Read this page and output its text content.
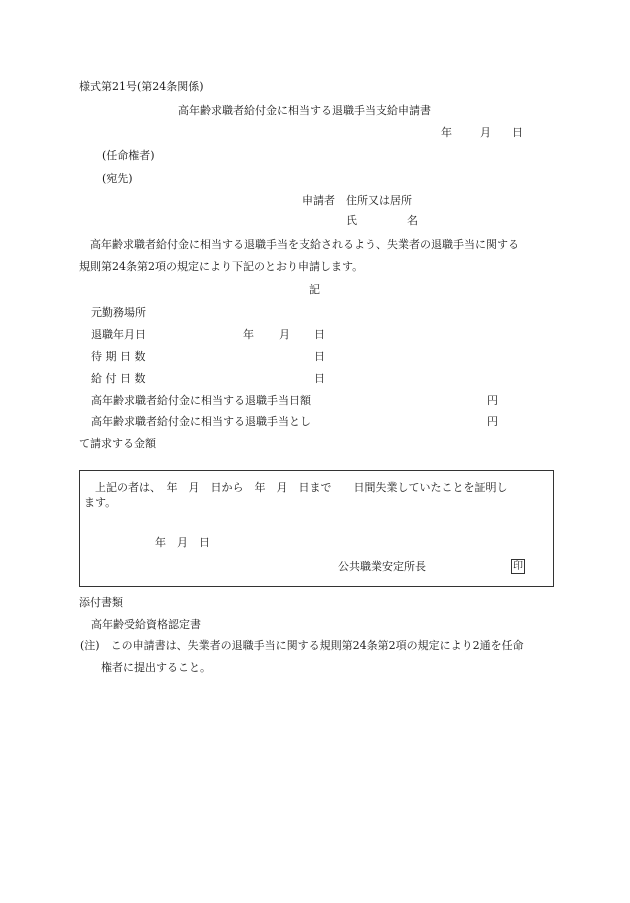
様式第21号(第24条関係)
高年齢求職者給付金に相当する退職手当支給申請書
年	月 日
(任命権者)
(宛先)
申請者 住所又は居所
氏	名
高年齢求職者給付金に相当する退職手当を支給されるよう、失業者の退職手当に関する
規則第24条第2項の規定により下記のとおり申請します。
記
元勤務場所
退職年月日	年 月 日
待 期 日 数	日
給 付 日 数	日
高年齢求職者給付金に相当する退職手当日額	円
高年齢求職者給付金に相当する退職手当とし	円
て請求する金額
上記の者は、　年　月　日から　年　月　日まで　　日間失業していたことを証明し
ます。
年　月　日
公共職業安定所長	印
添付書類
高年齢受給資格認定書
(注)　この申請書は、失業者の退職手当に関する規則第24条第2項の規定により2通を任命
権者に提出すること。
